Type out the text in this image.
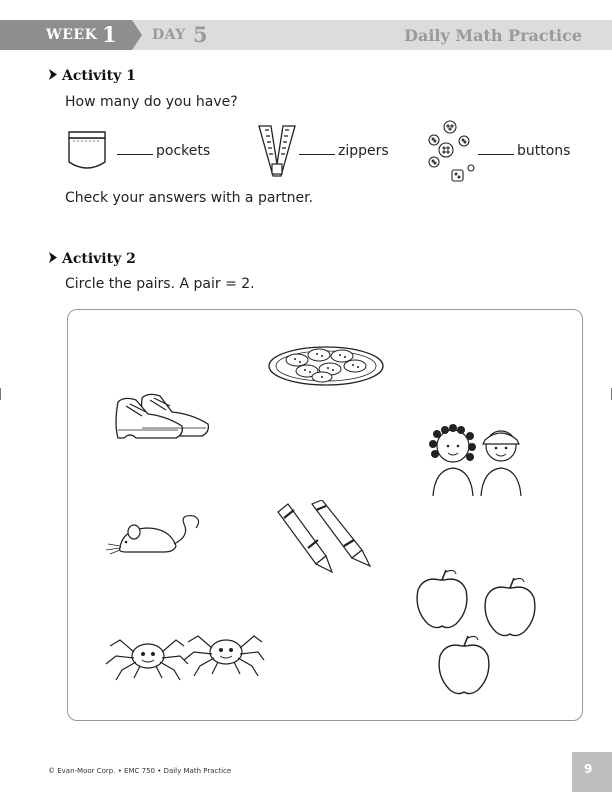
WEEK 1	DAY 5	Daily Math Practice
Activity 1
How many do you have?
pockets	zippers	buttons
Check your answers with a partner.
Activity 2
Circle the pairs. A pair = 2.
© Evan-Moor Corp. • EMC 750 • Daily Math Practice	9
